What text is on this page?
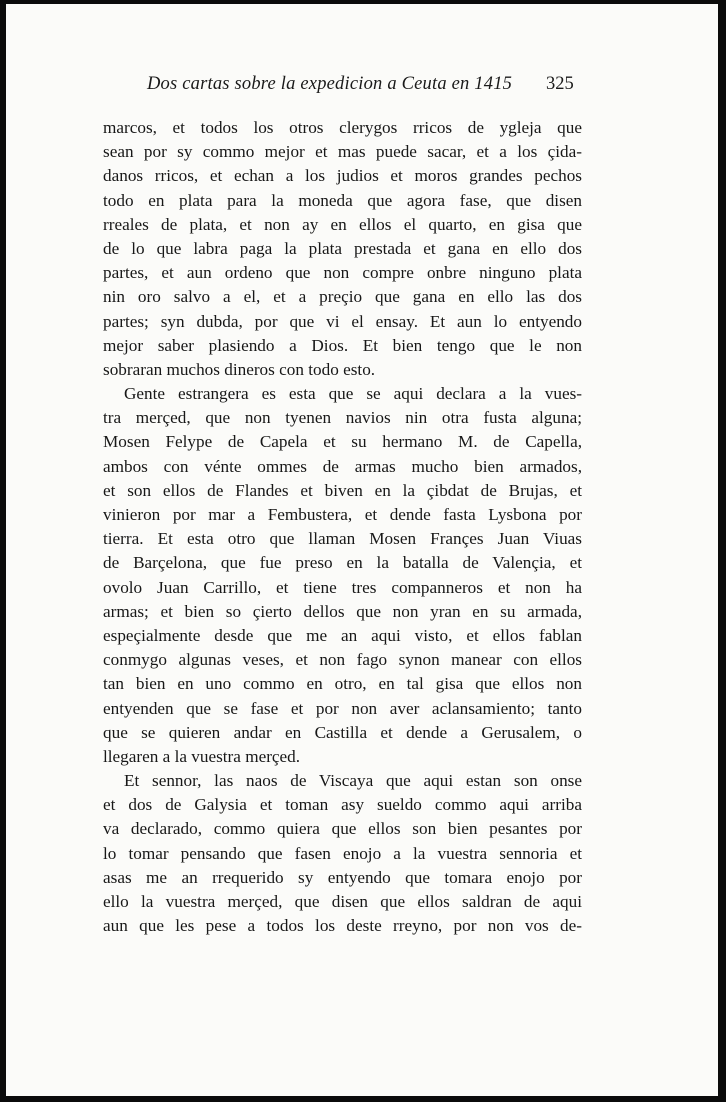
Dos cartas sobre la expedicion a Ceuta en 1415 325
marcos, et todos los otros clerygos rricos de ygleja que
sean por sy commo mejor et mas puede sacar, et a los çida-
danos rricos, et echan a los judios et moros grandes pechos
todo en plata para la moneda que agora fase, que disen
rreales de plata, et non ay en ellos el quarto, en gisa que
de lo que labra paga la plata prestada et gana en ello dos
partes, et aun ordeno que non compre onbre ninguno plata
nin oro salvo a el, et a preçio que gana en ello las dos
partes; syn dubda, por que vi el ensay. Et aun lo entyendo
mejor saber plasiendo a Dios. Et bien tengo que le non
sobraran muchos dineros con todo esto.
Gente estrangera es esta que se aqui declara a la vues-
tra merçed, que non tyenen navios nin otra fusta alguna;
Mosen Felype de Capela et su hermano M. de Capella,
ambos con vénte ommes de armas mucho bien armados,
et son ellos de Flandes et biven en la çibdat de Brujas, et
vinieron por mar a Fembustera, et dende fasta Lysbona por
tierra. Et esta otro que llaman Mosen Françes Juan Viuas
de Barçelona, que fue preso en la batalla de Valençia, et
ovolo Juan Carrillo, et tiene tres companneros et non ha
armas; et bien so çierto dellos que non yran en su armada,
espeçialmente desde que me an aqui visto, et ellos fablan
conmygo algunas veses, et non fago synon manear con ellos
tan bien en uno commo en otro, en tal gisa que ellos non
entyenden que se fase et por non aver aclansamiento; tanto
que se quieren andar en Castilla et dende a Gerusalem, o
llegaren a la vuestra merçed.
Et sennor, las naos de Viscaya que aqui estan son onse
et dos de Galysia et toman asy sueldo commo aqui arriba
va declarado, commo quiera que ellos son bien pesantes por
lo tomar pensando que fasen enojo a la vuestra sennoria et
asas me an rrequerido sy entyendo que tomara enojo por
ello la vuestra merçed, que disen que ellos saldran de aqui
aun que les pese a todos los deste rreyno, por non vos de-
